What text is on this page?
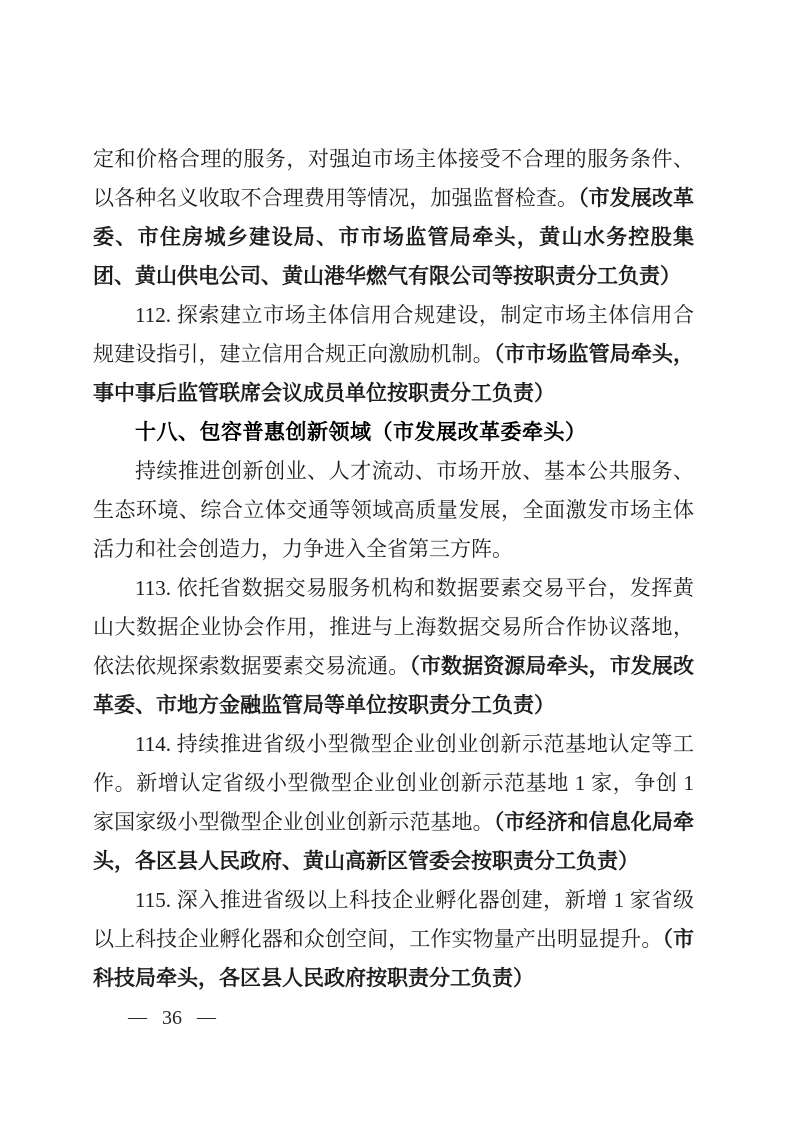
定和价格合理的服务，对强迫市场主体接受不合理的服务条件、以各种名义收取不合理费用等情况，加强监督检查。（市发展改革委、市住房城乡建设局、市市场监管局牵头，黄山水务控股集团、黄山供电公司、黄山港华燃气有限公司等按职责分工负责）

112. 探索建立市场主体信用合规建设，制定市场主体信用合规建设指引，建立信用合规正向激励机制。（市市场监管局牵头，事中事后监管联席会议成员单位按职责分工负责）

十八、包容普惠创新领域（市发展改革委牵头）

持续推进创新创业、人才流动、市场开放、基本公共服务、生态环境、综合立体交通等领域高质量发展，全面激发市场主体活力和社会创造力，力争进入全省第三方阵。

113. 依托省数据交易服务机构和数据要素交易平台，发挥黄山大数据企业协会作用，推进与上海数据交易所合作协议落地，依法依规探索数据要素交易流通。（市数据资源局牵头，市发展改革委、市地方金融监管局等单位按职责分工负责）

114. 持续推进省级小型微型企业创业创新示范基地认定等工作。新增认定省级小型微型企业创业创新示范基地 1 家，争创 1 家国家级小型微型企业创业创新示范基地。（市经济和信息化局牵头，各区县人民政府、黄山高新区管委会按职责分工负责）

115. 深入推进省级以上科技企业孵化器创建，新增 1 家省级以上科技企业孵化器和众创空间，工作实物量产出明显提升。（市科技局牵头，各区县人民政府按职责分工负责）

— 36 —
